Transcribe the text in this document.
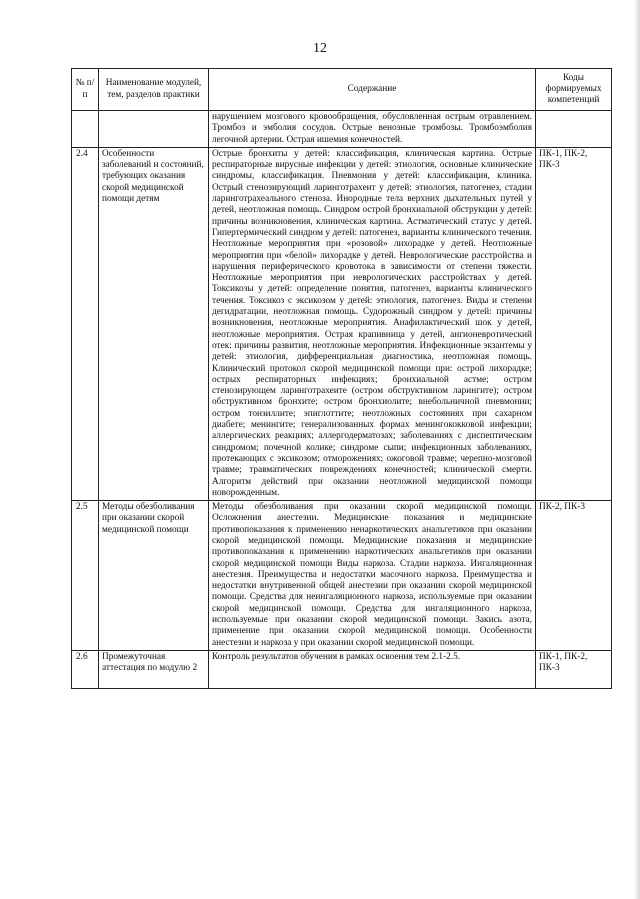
12
№ п/п	Наименование модулей, тем, разделов практики	Содержание	Коды формируемых компетенций
		нарушением мозгового кровообращения, обусловленная острым отравлением. Тромбоз и эмболия сосудов. Острые венозные тромбозы. Тромбоэмболия легочной артерии. Острая ишемия конечностей.	
2.4	Особенности заболеваний и состояний, требующих оказания скорой медицинской помощи детям	Острые бронхиты у детей: классификация, клиническая картина. Острые респираторные вирусные инфекции у детей: этиология, основные клинические синдромы, классификация. Пневмония у детей: классификация, клиника. Острый стенозирующий ларинготрахеит у детей: этиология, патогенез, стадии ларинготрахеального стеноза. Инородные тела верхних дыхательных путей у детей, неотложная помощь. Синдром острой бронхиальной обструкции у детей: причины возникновения, клиническая картина. Астматический статус у детей. Гипертермический синдром у детей: патогенез, варианты клинического течения. Неотложные мероприятия при «розовой» лихорадке у детей. Неотложные мероприятия при «белой» лихорадке у детей. Неврологические расстройства и нарушения периферического кровотока в зависимости от степени тяжести. Неотложные мероприятия при неврологических расстройствах у детей. Токсикозы у детей: определение понятия, патогенез, варианты клинического течения. Токсикоз с эксикозом у детей: этиология, патогенез. Виды и степени дегидратации, неотложная помощь. Судорожный синдром у детей: причины возникновения, неотложные мероприятия. Анафилактический шок у детей, неотложные мероприятия. Острая крапивница у детей, ангионевротический отек: причины развития, неотложные мероприятия. Инфекционные экзантемы у детей: этиология, дифференциальная диагностика, неотложная помощь. Клинический протокол скорой медицинской помощи при: острой лихорадке; острых респираторных инфекциях; бронхиальной астме; остром стенозирующем ларинготрахеите (остром обструктивном ларингите); остром обструктивном бронхите; остром бронхиолите; внебольничной пневмонии; остром тонзиллите; эпиглоттите; неотложных состояниях при сахарном диабете; менингите; генерализованных формах менингококковой инфекции; аллергических реакциях; аллергодерматозах; заболеваниях с диспептическим синдромом; почечной колике; синдроме сыпи; инфекционных заболеваниях, протекающих с эксикозом; отморожениях; ожоговой травме; черепно-мозговой травме; травматических повреждениях конечностей; клинической смерти. Алгоритм действий при оказании неотложной медицинской помощи новорожденным.	ПК-1, ПК-2, ПК-3
2.5	Методы обезболивания при оказании скорой медицинской помощи	Методы обезболивания при оказании скорой медицинской помощи. Осложнения анестезии. Медицинские показания и медицинские противопоказания к применению ненаркотических анальгетиков при оказании скорой медицинской помощи. Медицинские показания и медицинские противопоказания к применению наркотических анальгетиков при оказании скорой медицинской помощи Виды наркоза. Стадии наркоза. Ингаляционная анестезия. Преимущества и недостатки масочного наркоза. Преимущества и недостатки внутривенной общей анестезии при оказании скорой медицинской помощи. Средства для неингаляционного наркоза, используемые при оказании скорой медицинской помощи. Средства для ингаляционного наркоза, используемые при оказании скорой медицинской помощи. Закись азота, применение при оказании скорой медицинской помощи. Особенности анестезии и наркоза у при оказании скорой медицинской помощи.	ПК-2, ПК-3
2.6	Промежуточная аттестация по модулю 2	Контроль результатов обучения в рамках освоения тем 2.1-2.5.	ПК-1, ПК-2, ПК-3
